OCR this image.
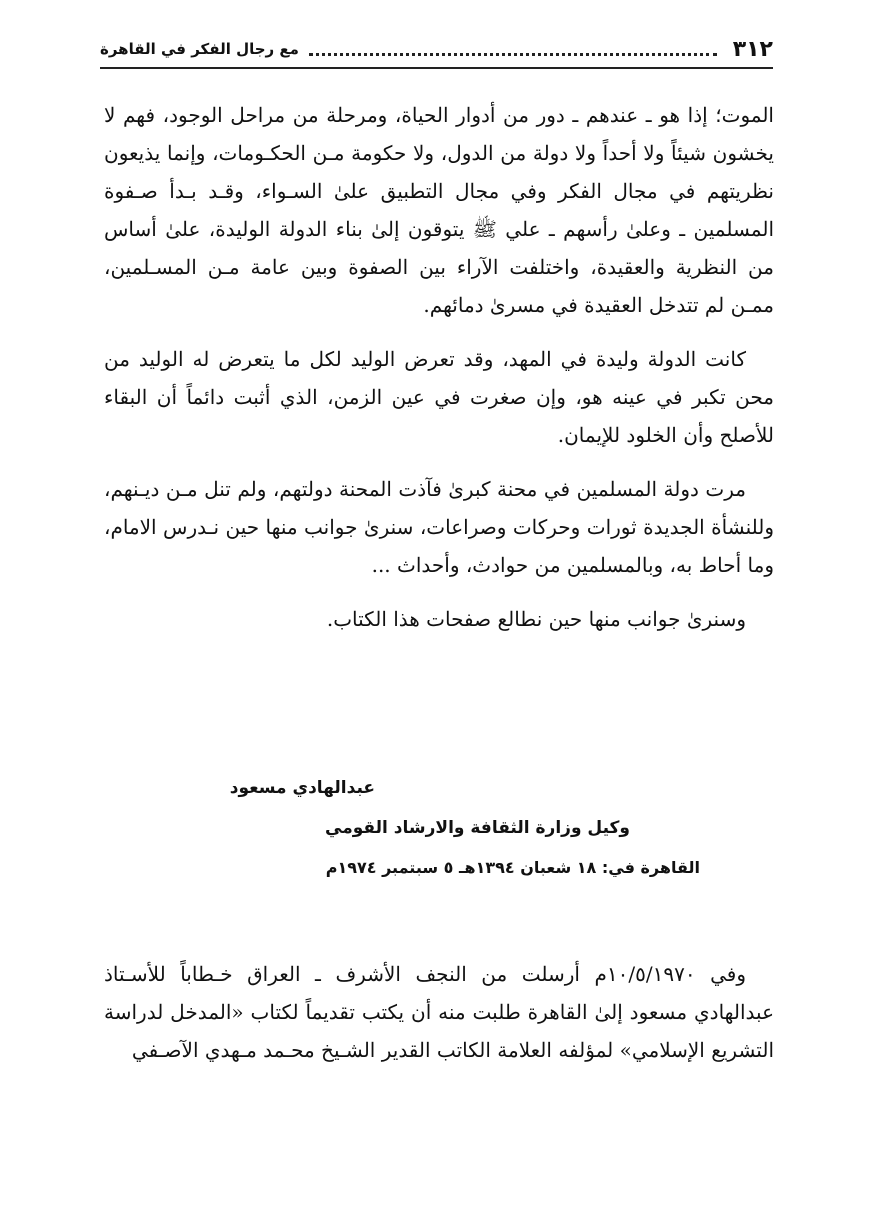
٣١٢
مع رجال الفكر في القاهرة

الموت؛ إذا هو ـ عندهم ـ دور من أدوار الحياة، ومرحلة من مراحل الوجود، فهم لا يخشون شيئاً ولا أحداً ولا دولة من الدول، ولا حكومة مـن الحكـومات، وإنما يذيعون نظريتهم في مجال الفكر وفي مجال التطبيق علىٰ السـواء، وقـد بـدأ صـفوة المسلمين ـ وعلىٰ رأسهم ـ علي ﷺ يتوقون إلىٰ بناء الدولة الوليدة، علىٰ أساس من النظرية والعقيدة، واختلفت الآراء بين الصفوة وبين عامة مـن المسـلمين، ممـن لم تتدخل العقيدة في مسرىٰ دمائهم.

كانت الدولة وليدة في المهد، وقد تعرض الوليد لكل ما يتعرض له الوليد من محن تكبر في عينه هو، وإن صغرت في عين الزمن، الذي أثبت دائماً أن البقاء للأصلح وأن الخلود للإيمان.

مرت دولة المسلمين في محنة كبرىٰ فآذت المحنة دولتهم، ولم تنل مـن ديـنهم، وللنشأة الجديدة ثورات وحركات وصراعات، سنرىٰ جوانب منها حين نـدرس الامام، وما أحاط به، وبالمسلمين من حوادث، وأحداث ...

وسنرىٰ جوانب منها حين نطالع صفحات هذا الكتاب.

عبدالهادي مسعود
وكيل وزارة الثقافة والارشاد القومي
القاهرة في: ١٨ شعبان ١٣٩٤هـ ٥ سبتمبر ١٩٧٤م

وفي ١٠/٥/١٩٧٠م أرسلت من النجف الأشرف ـ العراق خـطاباً للأسـتاذ عبدالهادي مسعود إلىٰ القاهرة طلبت منه أن يكتب تقديماً لكتاب «المدخل لدراسة التشريع الإسلامي» لمؤلفه العلامة الكاتب القدير الشـيخ محـمد مـهدي الآصـفي
